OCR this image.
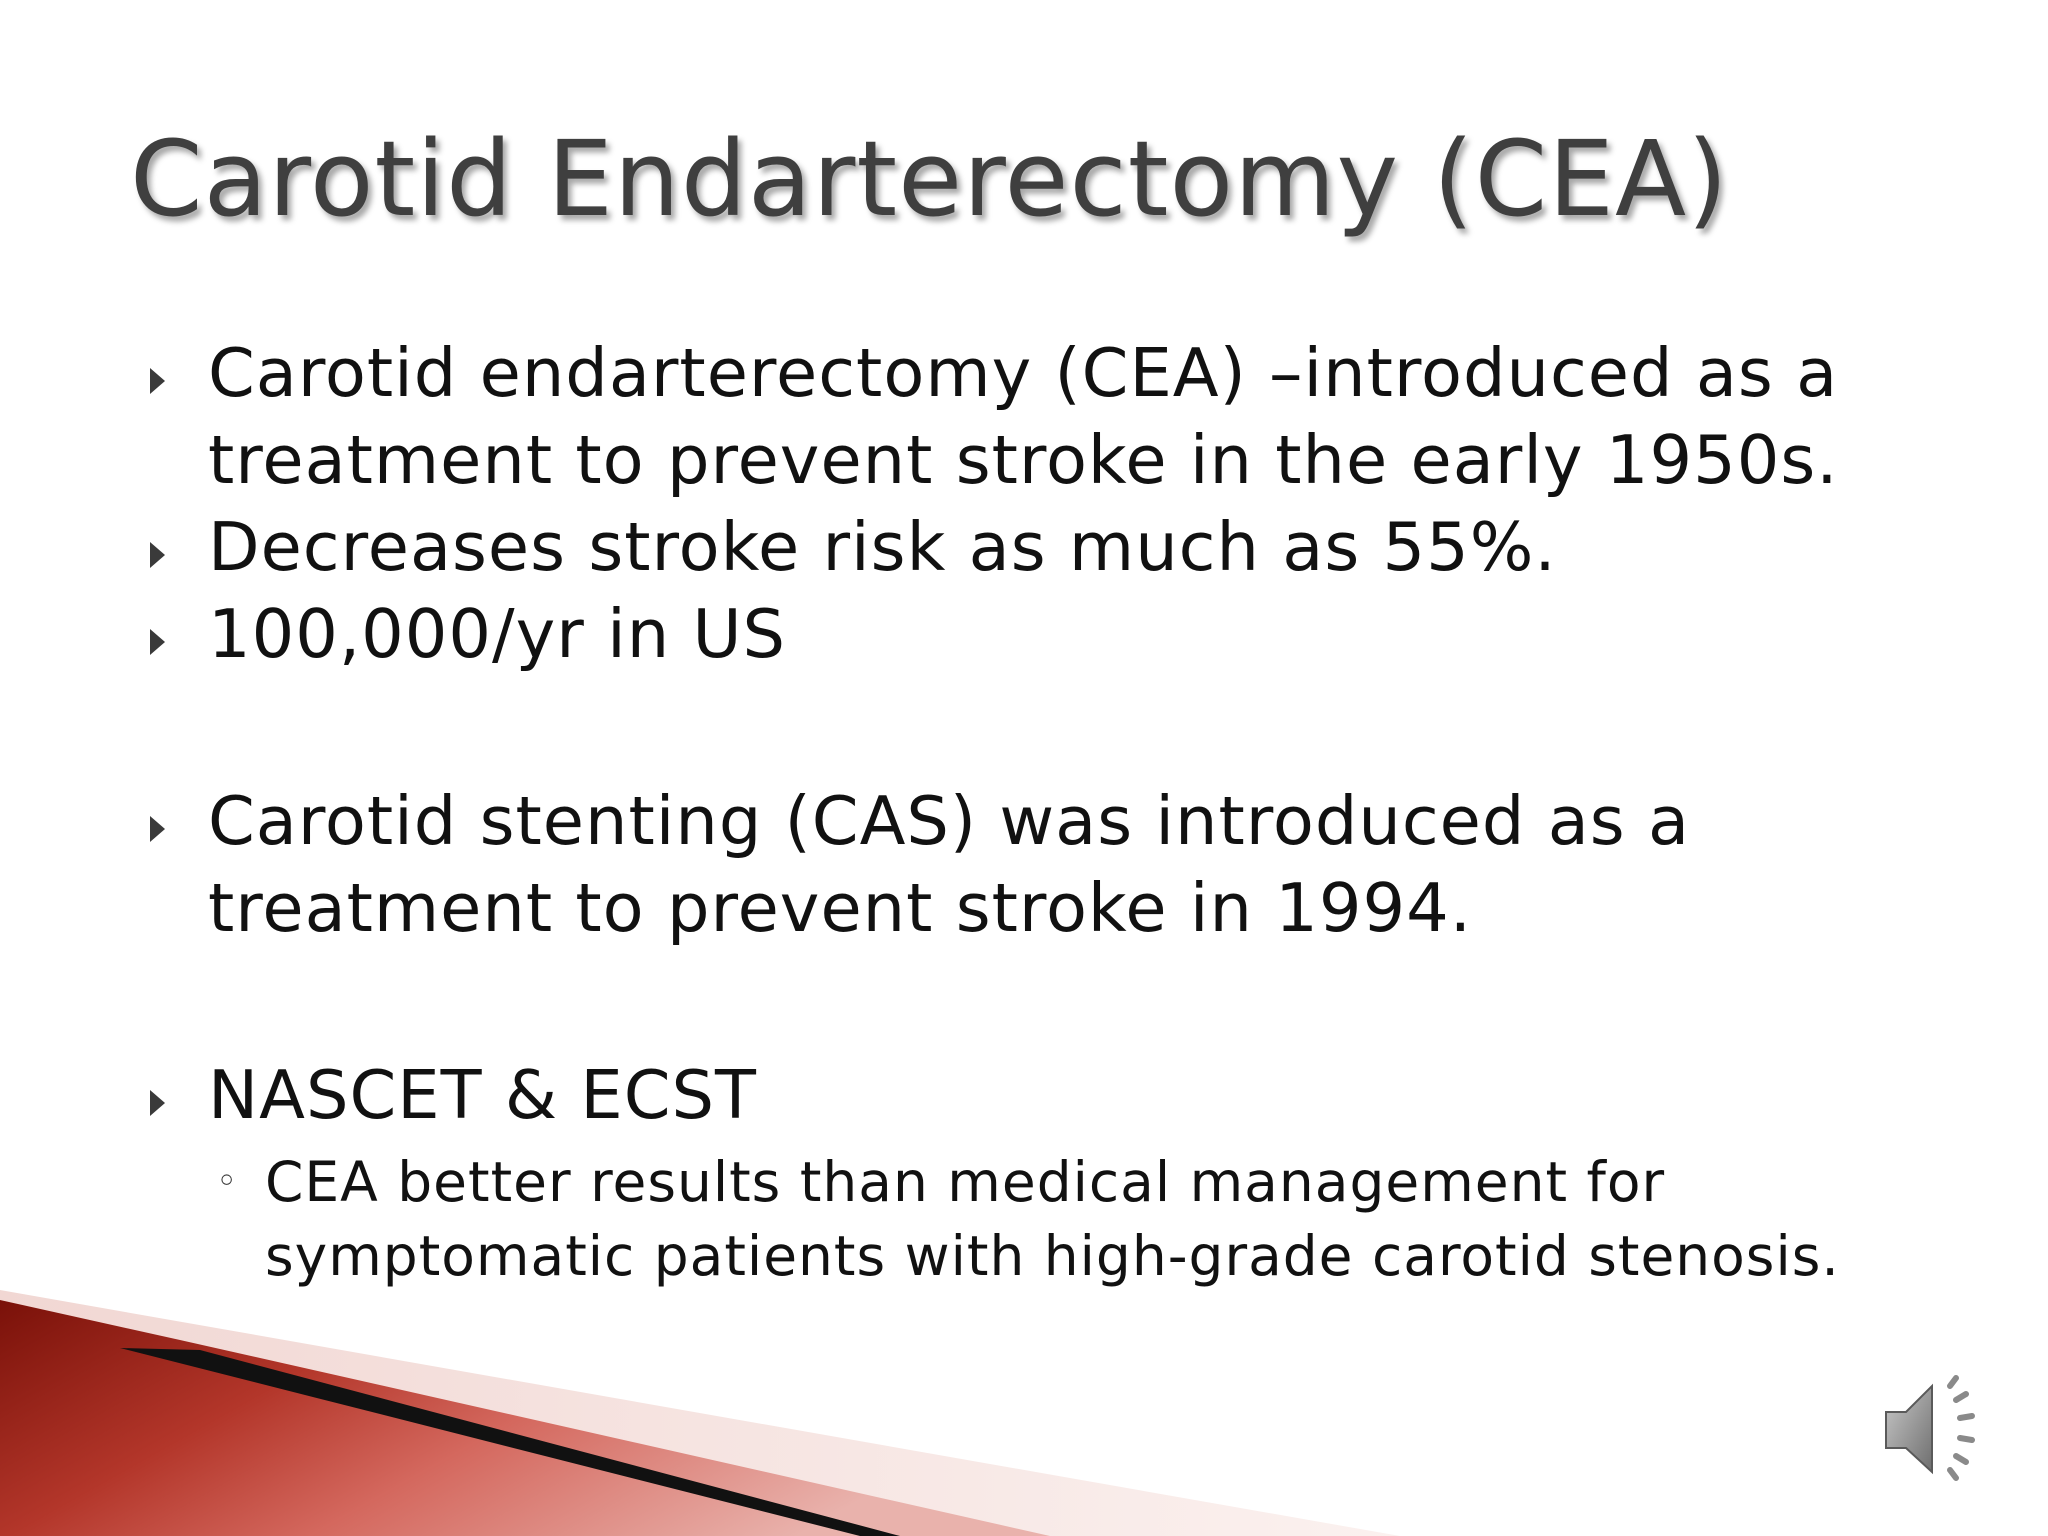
Carotid Endarterectomy (CEA)
Carotid endarterectomy (CEA) –introduced as a treatment to prevent stroke in the early 1950s.
Decreases stroke risk as much as 55%.
100,000/yr in US
Carotid stenting (CAS) was introduced as a treatment to prevent stroke in 1994.
NASCET & ECST
◦ CEA better results than medical management for symptomatic patients with high-grade carotid stenosis.
